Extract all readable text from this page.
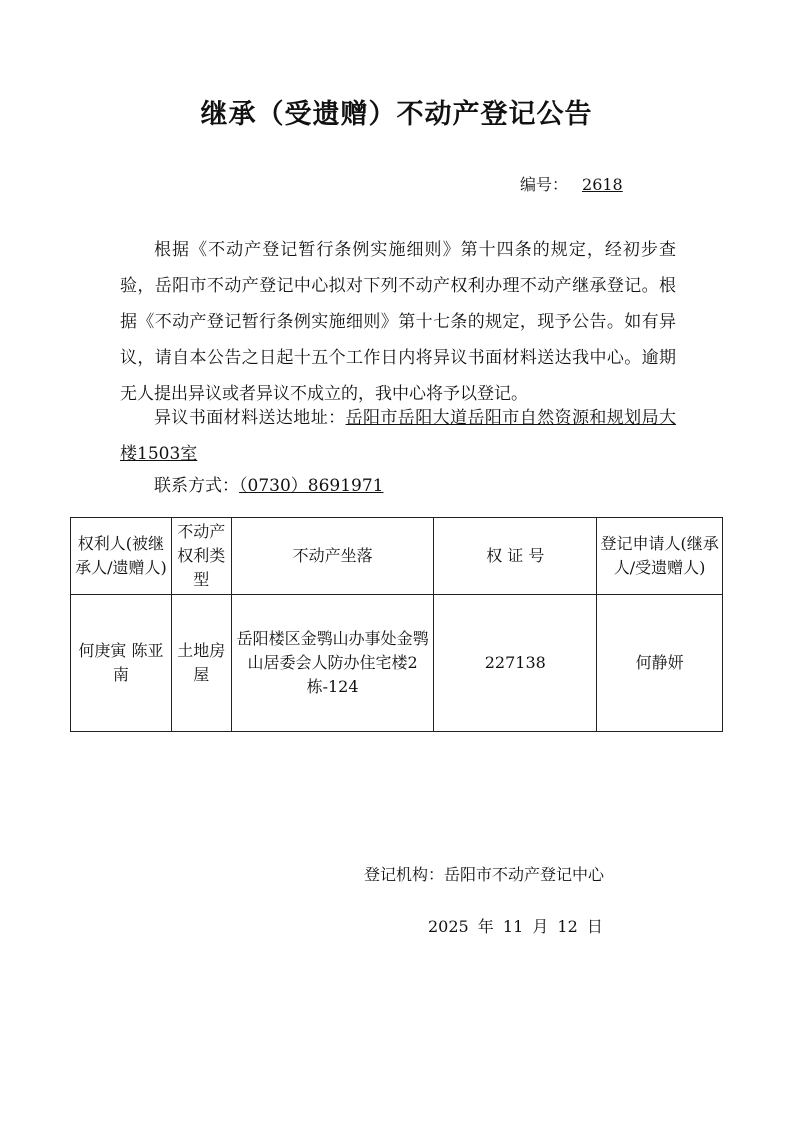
继承（受遗赠）不动产登记公告
编号： 2618
根据《不动产登记暂行条例实施细则》第十四条的规定，经初步查验，岳阳市不动产登记中心拟对下列不动产权利办理不动产继承登记。根据《不动产登记暂行条例实施细则》第十七条的规定，现予公告。如有异议，请自本公告之日起十五个工作日内将异议书面材料送达我中心。逾期无人提出异议或者异议不成立的，我中心将予以登记。
异议书面材料送达地址：岳阳市岳阳大道岳阳市自然资源和规划局大楼1503室
联系方式：（0730）8691971
权利人(被继承人/遗赠人)	不动产权利类型	不动产坐落	权 证 号	登记申请人(继承人/受遗赠人)
何庚寅 陈亚南	土地房屋	岳阳楼区金鹗山办事处金鹗山居委会人防办住宅楼2栋-124	227138	何静妍
登记机构：岳阳市不动产登记中心
2025 年 11 月 12 日
